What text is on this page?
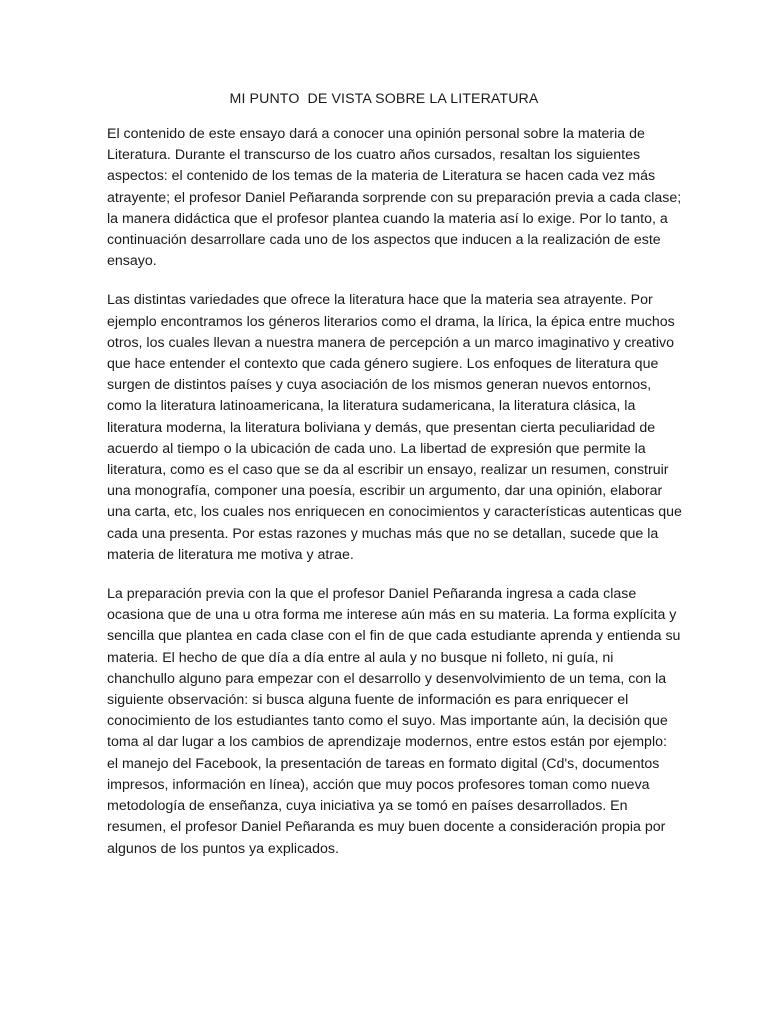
MI PUNTO  DE VISTA SOBRE LA LITERATURA

El contenido de este ensayo dará a conocer una opinión personal sobre la materia de
Literatura. Durante el transcurso de los cuatro años cursados, resaltan los siguientes
aspectos: el contenido de los temas de la materia de Literatura se hacen cada vez más
atrayente; el profesor Daniel Peñaranda sorprende con su preparación previa a cada clase;
la manera didáctica que el profesor plantea cuando la materia así lo exige. Por lo tanto, a
continuación desarrollare cada uno de los aspectos que inducen a la realización de este
ensayo.

Las distintas variedades que ofrece la literatura hace que la materia sea atrayente. Por
ejemplo encontramos los géneros literarios como el drama, la lírica, la épica entre muchos
otros, los cuales llevan a nuestra manera de percepción a un marco imaginativo y creativo
que hace entender el contexto que cada género sugiere. Los enfoques de literatura que
surgen de distintos países y cuya asociación de los mismos generan nuevos entornos,
como la literatura latinoamericana, la literatura sudamericana, la literatura clásica, la
literatura moderna, la literatura boliviana y demás, que presentan cierta peculiaridad de
acuerdo al tiempo o la ubicación de cada uno. La libertad de expresión que permite la
literatura, como es el caso que se da al escribir un ensayo, realizar un resumen, construir
una monografía, componer una poesía, escribir un argumento, dar una opinión, elaborar
una carta, etc, los cuales nos enriquecen en conocimientos y características autenticas que
cada una presenta. Por estas razones y muchas más que no se detallan, sucede que la
materia de literatura me motiva y atrae.

La preparación previa con la que el profesor Daniel Peñaranda ingresa a cada clase
ocasiona que de una u otra forma me interese aún más en su materia. La forma explícita y
sencilla que plantea en cada clase con el fin de que cada estudiante aprenda y entienda su
materia. El hecho de que día a día entre al aula y no busque ni folleto, ni guía, ni
chanchullo alguno para empezar con el desarrollo y desenvolvimiento de un tema, con la
siguiente observación: si busca alguna fuente de información es para enriquecer el
conocimiento de los estudiantes tanto como el suyo. Mas importante aún, la decisión que
toma al dar lugar a los cambios de aprendizaje modernos, entre estos están por ejemplo:
el manejo del Facebook, la presentación de tareas en formato digital (Cd's, documentos
impresos, información en línea), acción que muy pocos profesores toman como nueva
metodología de enseñanza, cuya iniciativa ya se tomó en países desarrollados. En
resumen, el profesor Daniel Peñaranda es muy buen docente a consideración propia por
algunos de los puntos ya explicados.
